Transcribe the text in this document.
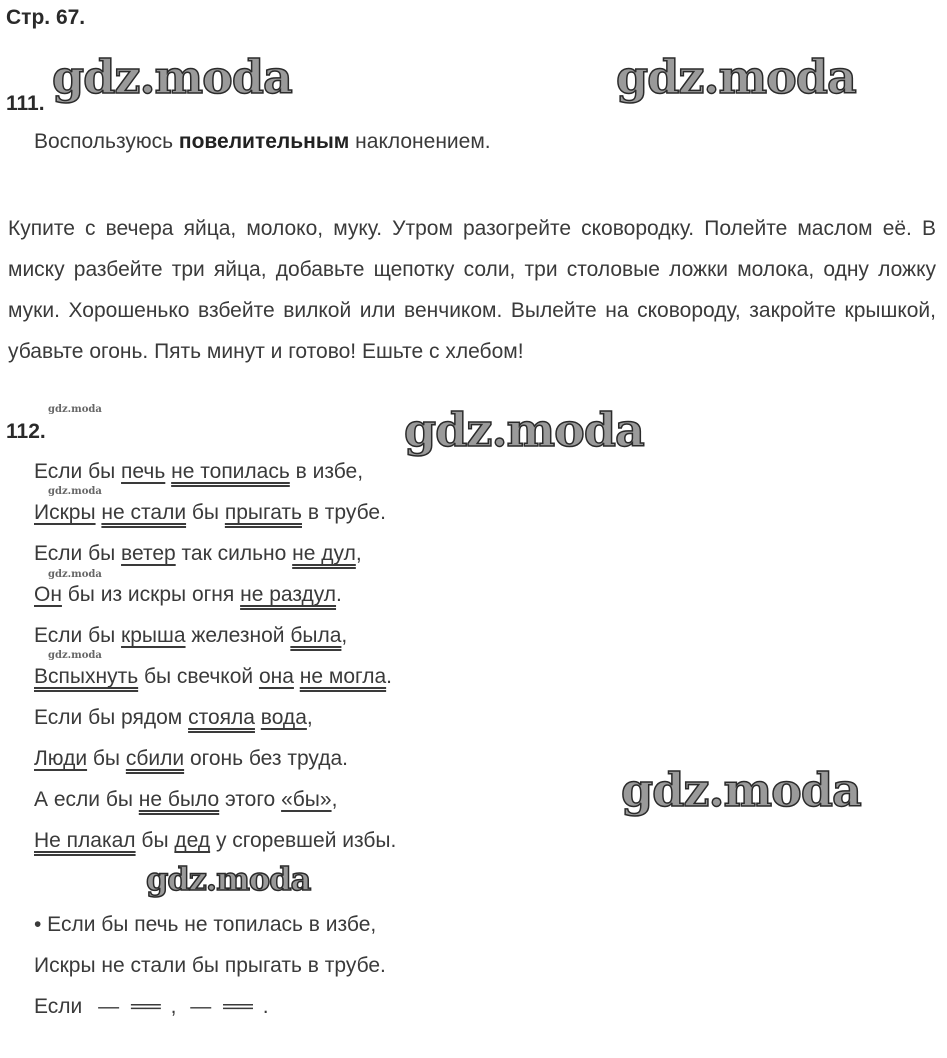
Стр. 67.
gdz.moda	gdz.moda
gdz.moda
gdz.moda
gdz.moda
gdz.moda
gdz.moda
gdz.moda
gdz.moda
111.
Воспользуюсь повелительным наклонением.
Купите с вечера яйца, молоко, муку. Утром разогрейте сковородку. Полейте маслом её. В миску разбейте три яйца, добавьте щепотку соли, три столовые ложки молока, одну ложку муки. Хорошенько взбейте вилкой или венчиком. Вылейте на сковороду, закройте крышкой, убавьте огонь. Пять минут и готово! Ешьте с хлебом!
112.
Если бы печь не топилась в избе,
Искры не стали бы прыгать в трубе.
Если бы ветер так сильно не дул,
Он бы из искры огня не раздул.
Если бы крыша железной была,
Вспыхнуть бы свечкой она не могла.
Если бы рядом стояла вода,
Люди бы сбили огонь без труда.
А если бы не было этого «бы»,
Не плакал бы дед у сгоревшей избы.
• Если бы печь не топилась в избе,
Искры не стали бы прыгать в трубе.
Если — ══ , — ══ .
